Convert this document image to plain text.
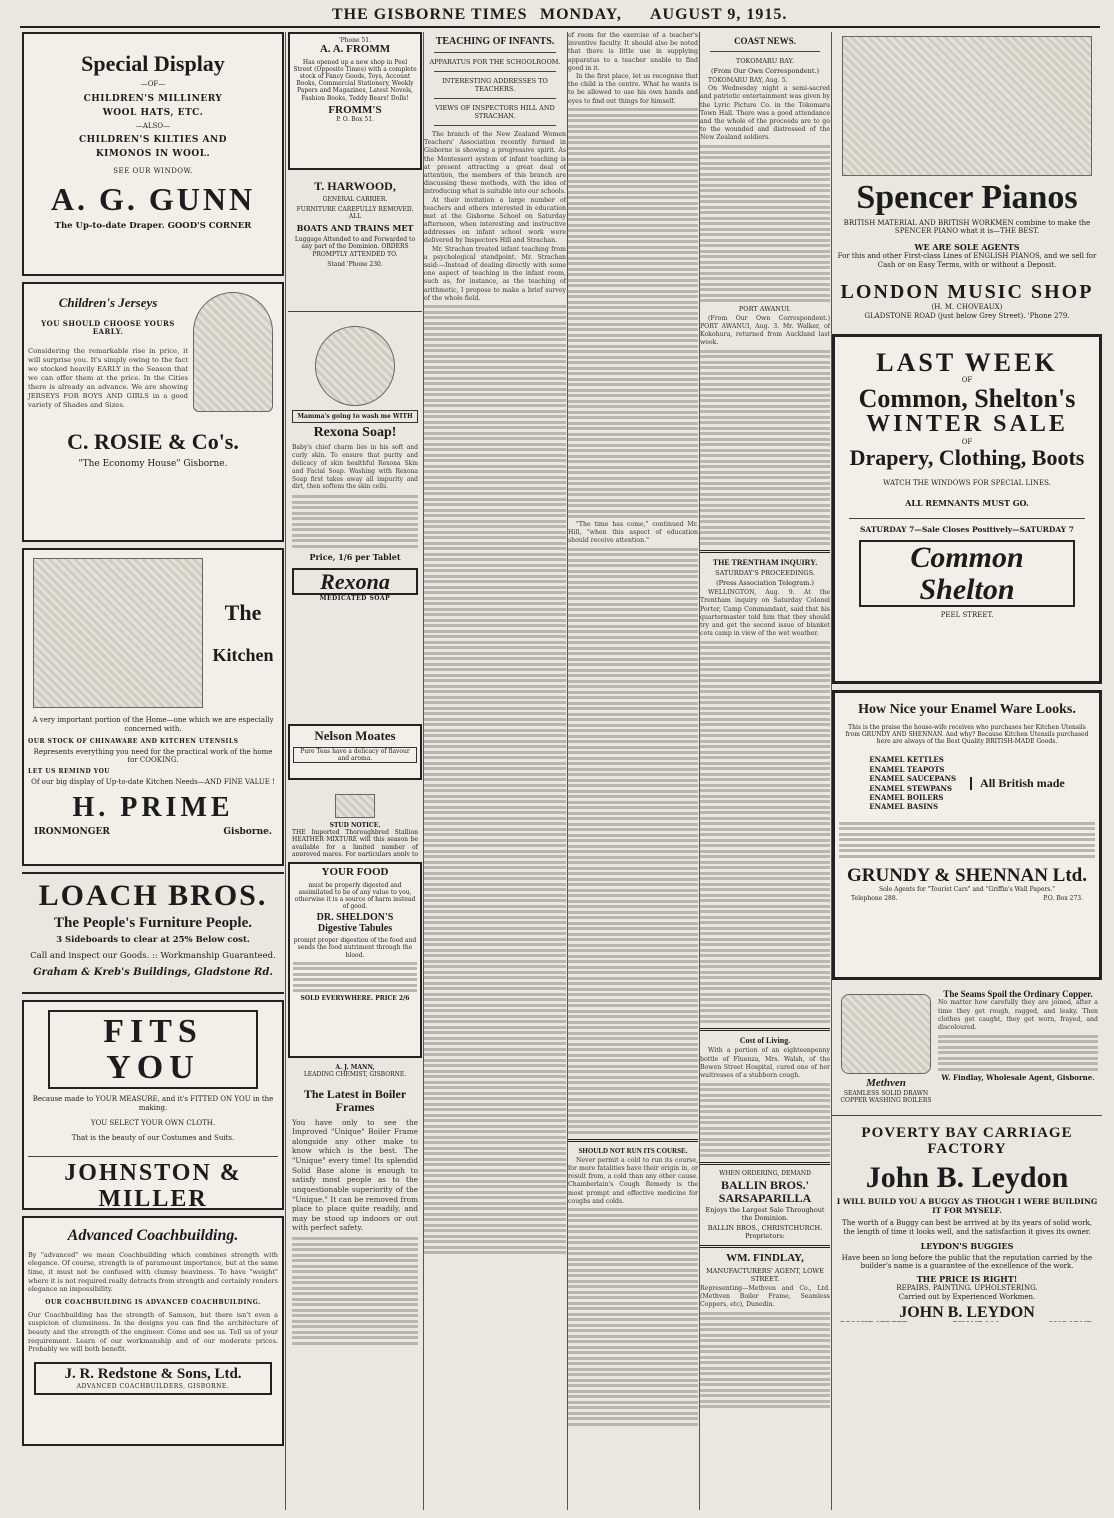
THE GISBORNE TIMES MONDAY, AUGUST 9, 1915.
Special Display
—OF—
CHILDREN'S MILLINERY
WOOL HATS, ETC.
—ALSO—
CHILDREN'S KILTIES AND
KIMONOS IN WOOL.
SEE OUR WINDOW.
A. G. GUNN
The Up-to-date Draper. GOOD'S CORNER
Children's Jerseys
YOU SHOULD CHOOSE YOURS EARLY.
Considering the remarkable rise in price, it will surprise you. It's simply owing to the fact we stocked heavily EARLY in the Season that we can offer them at the price. In the Cities there is already an advance. We are showing JERSEYS FOR BOYS AND GIRLS in a good variety of Shades and Sizes.
C. ROSIE & Co's.
"The Economy House" Gisborne.
The
Kitchen
A very important portion of the Home—one which we are especially concerned with.
OUR STOCK OF CHINAWARE AND KITCHEN UTENSILS
Represents everything you need for the practical work of the home for COOKING.
LET US REMIND YOU
Of our big display of Up-to-date Kitchen Needs—AND FINE VALUE !
H. PRIME
IRONMONGER	Gisborne.
LOACH BROS.
The People's Furniture People.
3 Sideboards to clear at 25% Below cost.
Call and inspect our Goods. :: Workmanship Guaranteed.
Graham & Kreb's Buildings, Gladstone Rd.
FITS YOU
Because made to YOUR MEASURE, and it's FITTED ON YOU in the making.
YOU SELECT YOUR OWN CLOTH.
That is the beauty of our Costumes and Suits.
JOHNSTON & MILLER
Advanced Coachbuilding.
By "advanced" we mean Coachbuilding which combines strength with elegance. Of course, strength is of paramount importance, but at the same time, it must not be confused with clumsy heaviness. To have "weight" where it is not required really detracts from strength and certainly renders elegance an impossibility.
OUR COACHBUILDING IS ADVANCED COACHBUILDING.
Our Coachbuilding has the strength of Samson, but there isn't even a suspicion of clumsiness. In the designs you can find the architecture of beauty and the strength of the engineer. Come and see us. Tell us of your requirement. Learn of our workmanship and of our moderate prices. Probably we will both benefit.
J. R. Redstone & Sons, Ltd.
ADVANCED COACHBUILDERS, GISBORNE.
'Phone 51.
A. A. FROMM
Has opened up a new shop in Peel Street (Opposite Times) with a complete stock of Fancy Goods, Toys, Account Books, Commercial Stationery, Weekly Papers and Magazines, Latest Novels, Fashion Books, Teddy Bears! Dolls!
FROMM'S
P. O. Box 51.
T. HARWOOD,
GENERAL CARRIER.
FURNITURE CAREFULLY REMOVED.
ALL
BOATS AND TRAINS MET
Luggage Attended to and Forwarded to any part of the Dominion. ORDERS PROMPTLY ATTENDED TO.
Stand 'Phone 230.
Mamma's going to wash me WITH
Rexona Soap!
Baby's chief charm lies in his soft and curly skin. To ensure that purity and delicacy of skin healthful Rexona Skin and Facial Soap. Washing with Rexona Soap first takes away all impurity and dirt, then softens the skin cells.
Price, 1/6 per Tablet
Rexona
MEDICATED SOAP
Nelson Moates
Pure Teas have a delicacy of flavour and aroma.
STUD NOTICE.
THE Imported Thoroughbred Stallion HEATHER MIXTURE will this season be available for a limited number of approved mares. For particulars apply to
YOUR FOOD
must be properly digested and assimilated to be of any value to you, otherwise it is a source of harm instead of good.
DR. SHELDON'S
Digestive Tabules
prompt proper digestion of the food and sends the food nutriment through the blood.
SOLD EVERYWHERE. PRICE 2/6
A. J. MANN,
LEADING CHEMIST, GISBORNE.
The Latest in Boiler Frames
You have only to see the Improved "Unique" Boiler Frame alongside any other make to know which is the best. The "Unique" every time! Its splendid Solid Base alone is enough to satisfy most people as to the unquestionable superiority of the "Unique." It can be removed from place to place quite readily, and may be stood up indoors or out with perfect safety.
TEACHING OF INFANTS.
APPARATUS FOR THE SCHOOLROOM.
INTERESTING ADDRESSES TO TEACHERS.
VIEWS OF INSPECTORS HILL AND STRACHAN.
The branch of the New Zealand Women Teachers' Association recently formed in Gisborne is showing a progressive spirit. As the Montessori system of infant teaching is at present attracting a great deal of attention, the members of this branch are discussing these methods, with the idea of introducing what is suitable into our schools.
At their invitation a large number of teachers and others interested in education met at the Gisborne School on Saturday afternoon, when interesting and instructive addresses on infant school work were delivered by Inspectors Hill and Strachan.
Mr. Strachan treated infant teaching from a psychological standpoint. Mr. Strachan said:—Instead of dealing directly with some one aspect of teaching in the infant room, such as, for instance, as the teaching of arithmetic, I propose to make a brief survey of the whole field.
of room for the exercise of a teacher's inventive faculty. It should also be noted that there is little use in supplying apparatus to a teacher unable to find good in it.
In the first place, let us recognise that the child is the centre. What he wants is to be allowed to use his own hands and eyes to find out things for himself.
"The time has come," continued Mr. Hill, "when this aspect of education should receive attention."
SHOULD NOT RUN ITS COURSE.
Never permit a cold to run its course, for more fatalities have their origin in, or result from, a cold than any other cause. Chamberlain's Cough Remedy is the most prompt and effective medicine for coughs and colds.
COAST NEWS.
TOKOMARU BAY.
(From Our Own Correspondent.)
TOKOMARU BAY, Aug. 5.
On Wednesday night a semi-sacred and patriotic entertainment was given by the Lyric Picture Co. in the Tokomaru Town Hall. There was a good attendance and the whole of the proceeds are to go to the wounded and distressed of the New Zealand soldiers.
PORT AWANUI.
(From Our Own Correspondent.) PORT AWANUI, Aug. 3. Mr. Walker, of Kokohura, returned from Auckland last week.
THE TRENTHAM INQUIRY.
SATURDAY'S PROCEEDINGS.
(Press Association Telegram.)
WELLINGTON, Aug. 9. At the Trentham inquiry on Saturday Colonel Porter, Camp Commandant, said that his quartermaster told him that they should try and get the second issue of blanket cots camp in view of the wet weather.
Cost of Living.
With a portion of an eighteenpenny bottle of Fluenza, Mrs. Walsh, of the Bowen Street Hospital, cured one of her waitresses of a stubborn cough.
WHEN ORDERING, DEMAND
BALLIN BROS.'
SARSAPARILLA
Enjoys the Largest Sale Throughout the Dominion.
BALLIN BROS., CHRISTCHURCH. Proprietors:
WM. FINDLAY,
MANUFACTURERS' AGENT, LOWE STREET.
Representing—Methven and Co., Ltd. (Methven Boiler Frame, Seamless Coppers, etc), Dunedin.
Spencer Pianos
BRITISH MATERIAL AND BRITISH WORKMEN combine to make the SPENCER PIANO what it is—THE BEST.
WE ARE SOLE AGENTS
For this and other First-class Lines of ENGLISH PIANOS, and we sell for Cash or on Easy Terms, with or without a Deposit.
LONDON MUSIC SHOP
(H. M. CHOVEAUX)
GLADSTONE ROAD (just below Grey Street). 'Phone 279.
LAST WEEK
OF
Common, Shelton's
WINTER SALE
OF
Drapery, Clothing, Boots
WATCH THE WINDOWS FOR SPECIAL LINES.
ALL REMNANTS MUST GO.
SATURDAY 7—Sale Closes Positively—SATURDAY 7
Common Shelton
PEEL STREET.
How Nice your Enamel Ware Looks.
This is the praise the house-wife receives who purchases her Kitchen Utensils from GRUNDY AND SHENNAN. And why? Because Kitchen Utensils purchased here are always of the Best Quality BRITISH-MADE Goods.
ENAMEL KETTLES
ENAMEL TEAPOTS
ENAMEL SAUCEPANS
ENAMEL STEWPANS
ENAMEL BOILERS
ENAMEL BASINS
All British made
GRUNDY & SHENNAN Ltd.
Sole Agents for "Tourist Cars" and "Griffin's Wall Papers."
Telephone 288.	P.O. Box 273.
Methven
SEAMLESS SOLID DRAWN COPPER WASHING BOILERS
The Seams Spoil the Ordinary Copper.
No matter how carefully they are joined, after a time they get rough, ragged, and leaky. Then clothes get caught, they get worn, frayed, and discoloured.
W. Findlay, Wholesale Agent, Gisborne.
POVERTY BAY CARRIAGE FACTORY
John B. Leydon
I WILL BUILD YOU A BUGGY AS THOUGH I WERE BUILDING IT FOR MYSELF.
The worth of a Buggy can best be arrived at by its years of solid work, the length of time it looks well, and the satisfaction it gives its owner.
LEYDON'S BUGGIES
Have been so long before the public that the reputation carried by the builder's name is a guarantee of the excellence of the work.
THE PRICE IS RIGHT!
REPAIRS. PAINTING. UPHOLSTERING.
Carried out by Experienced Workmen.
JOHN B. LEYDON
